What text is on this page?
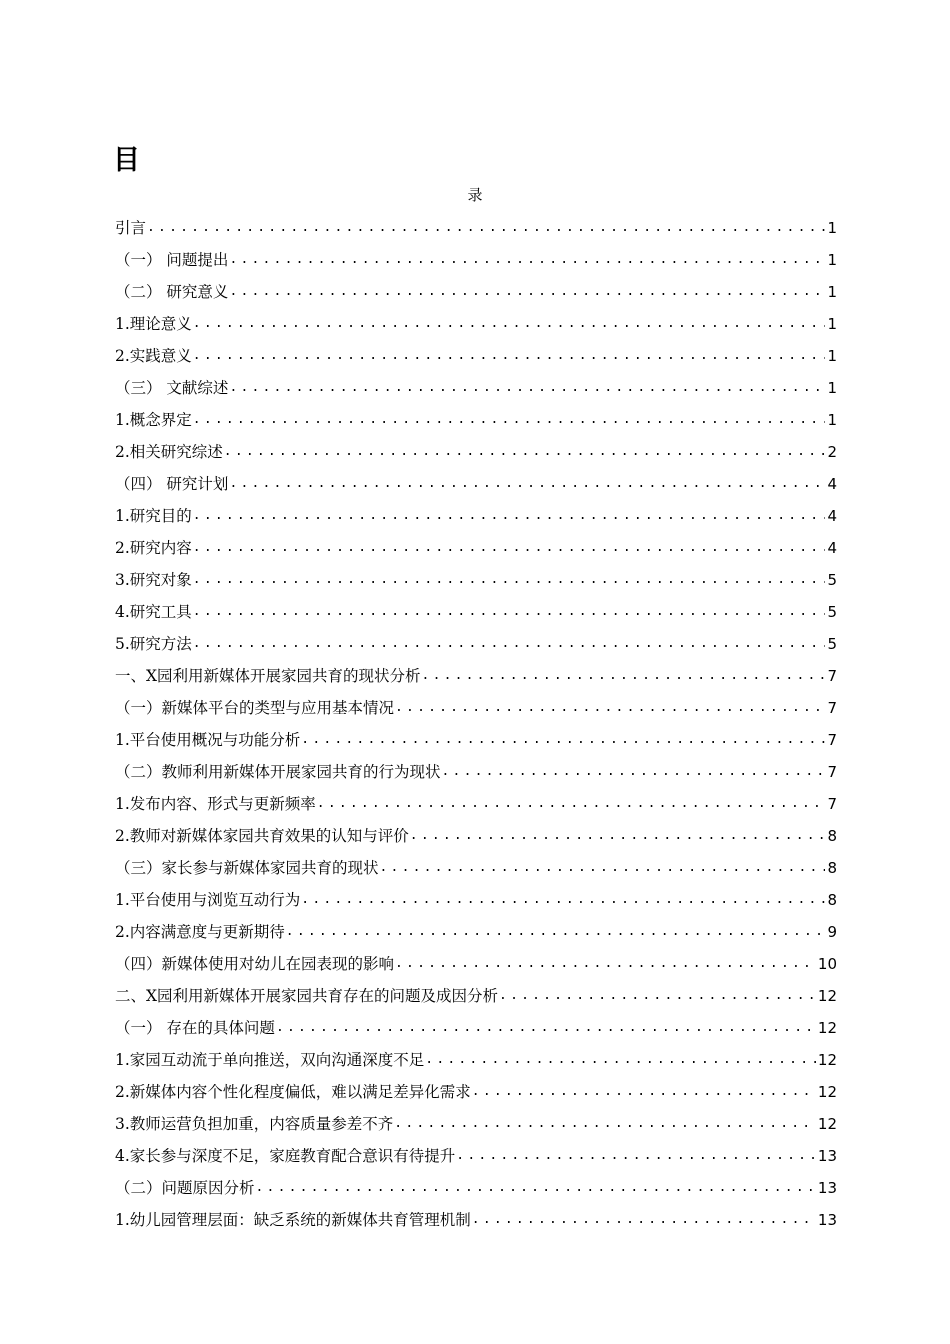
目
录
引言 .....	1
（一） 问题提出 .....	1
（二） 研究意义 .....	1
1.理论意义 .....	1
2.实践意义 .....	1
（三） 文献综述 .....	1
1.概念界定 .....	1
2.相关研究综述 .....	2
（四） 研究计划 .....	4
1.研究目的 .....	4
2.研究内容 .....	4
3.研究对象 .....	5
4.研究工具 .....	5
5.研究方法 .....	5
一、X园利用新媒体开展家园共育的现状分析 .....	7
（一）新媒体平台的类型与应用基本情况 .....	7
1.平台使用概况与功能分析 .....	7
（二）教师利用新媒体开展家园共育的行为现状 .....	7
1.发布内容、形式与更新频率 .....	7
2.教师对新媒体家园共育效果的认知与评价 .....	8
（三）家长参与新媒体家园共育的现状 .....	8
1.平台使用与浏览互动行为 .....	8
2.内容满意度与更新期待 .....	9
（四）新媒体使用对幼儿在园表现的影响 .....	10
二、X园利用新媒体开展家园共育存在的问题及成因分析 .....	12
（一） 存在的具体问题 .....	12
1.家园互动流于单向推送，双向沟通深度不足 .....	12
2.新媒体内容个性化程度偏低，难以满足差异化需求 .....	12
3.教师运营负担加重，内容质量参差不齐 .....	12
4.家长参与深度不足，家庭教育配合意识有待提升 .....	13
（二）问题原因分析 .....	13
1.幼儿园管理层面：缺乏系统的新媒体共育管理机制 .....	13
